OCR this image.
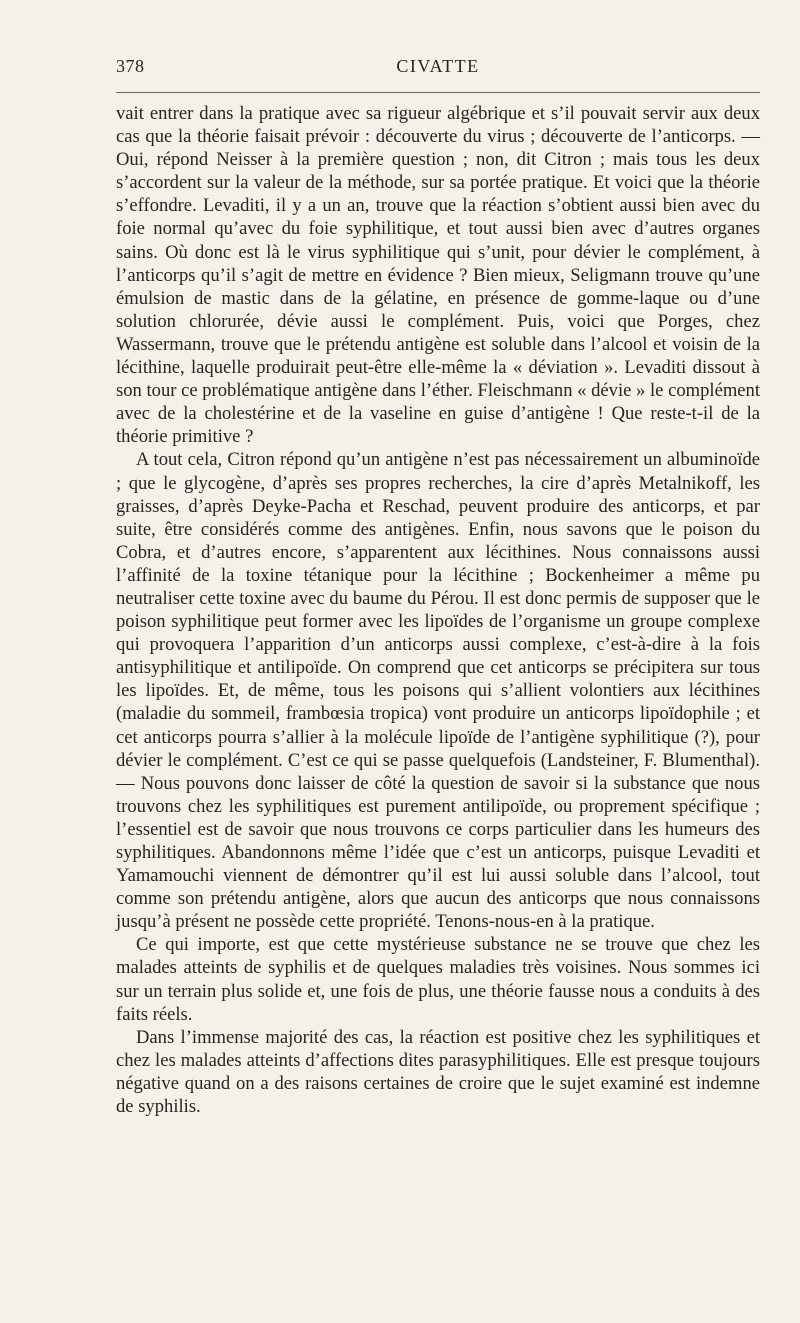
378	CIVATTE

vait entrer dans la pratique avec sa rigueur algébrique et s’il pouvait servir aux deux cas que la théorie faisait prévoir : découverte du virus ; découverte de l’anticorps. — Oui, répond Neisser à la première question ; non, dit Citron ; mais tous les deux s’accordent sur la valeur de la méthode, sur sa portée pratique. Et voici que la théorie s’effondre. Levaditi, il y a un an, trouve que la réaction s’obtient aussi bien avec du foie normal qu’avec du foie syphilitique, et tout aussi bien avec d’autres organes sains. Où donc est là le virus syphilitique qui s’unit, pour dévier le complément, à l’anticorps qu’il s’agit de mettre en évidence ? Bien mieux, Seligmann trouve qu’une émulsion de mastic dans de la gélatine, en présence de gomme-laque ou d’une solution chlorurée, dévie aussi le complément. Puis, voici que Porges, chez Wassermann, trouve que le prétendu antigène est soluble dans l’alcool et voisin de la lécithine, laquelle produirait peut-être elle-même la « déviation ». Levaditi dissout à son tour ce problématique antigène dans l’éther. Fleischmann « dévie » le complément avec de la cholestérine et de la vaseline en guise d’antigène ! Que reste-t-il de la théorie primitive ?

A tout cela, Citron répond qu’un antigène n’est pas nécessairement un albuminoïde ; que le glycogène, d’après ses propres recherches, la cire d’après Metalnikoff, les graisses, d’après Deyke-Pacha et Reschad, peuvent produire des anticorps, et par suite, être considérés comme des antigènes. Enfin, nous savons que le poison du Cobra, et d’autres encore, s’apparentent aux lécithines. Nous connaissons aussi l’affinité de la toxine tétanique pour la lécithine ; Bockenheimer a même pu neutraliser cette toxine avec du baume du Pérou. Il est donc permis de supposer que le poison syphilitique peut former avec les lipoïdes de l’organisme un groupe complexe qui provoquera l’apparition d’un anticorps aussi complexe, c’est-à-dire à la fois antisyphilitique et antilipoïde. On comprend que cet anticorps se précipitera sur tous les lipoïdes. Et, de même, tous les poisons qui s’allient volontiers aux lécithines (maladie du sommeil, frambœsia tropica) vont produire un anticorps lipoïdophile ; et cet anticorps pourra s’allier à la molécule lipoïde de l’antigène syphilitique (?), pour dévier le complément. C’est ce qui se passe quelquefois (Landsteiner, F. Blumenthal). — Nous pouvons donc laisser de côté la question de savoir si la substance que nous trouvons chez les syphilitiques est purement antilipoïde, ou proprement spécifique ; l’essentiel est de savoir que nous trouvons ce corps particulier dans les humeurs des syphilitiques. Abandonnons même l’idée que c’est un anticorps, puisque Levaditi et Yamamouchi viennent de démontrer qu’il est lui aussi soluble dans l’alcool, tout comme son prétendu antigène, alors que aucun des anticorps que nous connaissons jusqu’à présent ne possède cette propriété. Tenons-nous-en à la pratique.

Ce qui importe, est que cette mystérieuse substance ne se trouve que chez les malades atteints de syphilis et de quelques maladies très voisines. Nous sommes ici sur un terrain plus solide et, une fois de plus, une théorie fausse nous a conduits à des faits réels.

Dans l’immense majorité des cas, la réaction est positive chez les syphilitiques et chez les malades atteints d’affections dites parasyphilitiques. Elle est presque toujours négative quand on a des raisons certaines de croire que le sujet examiné est indemne de syphilis.
